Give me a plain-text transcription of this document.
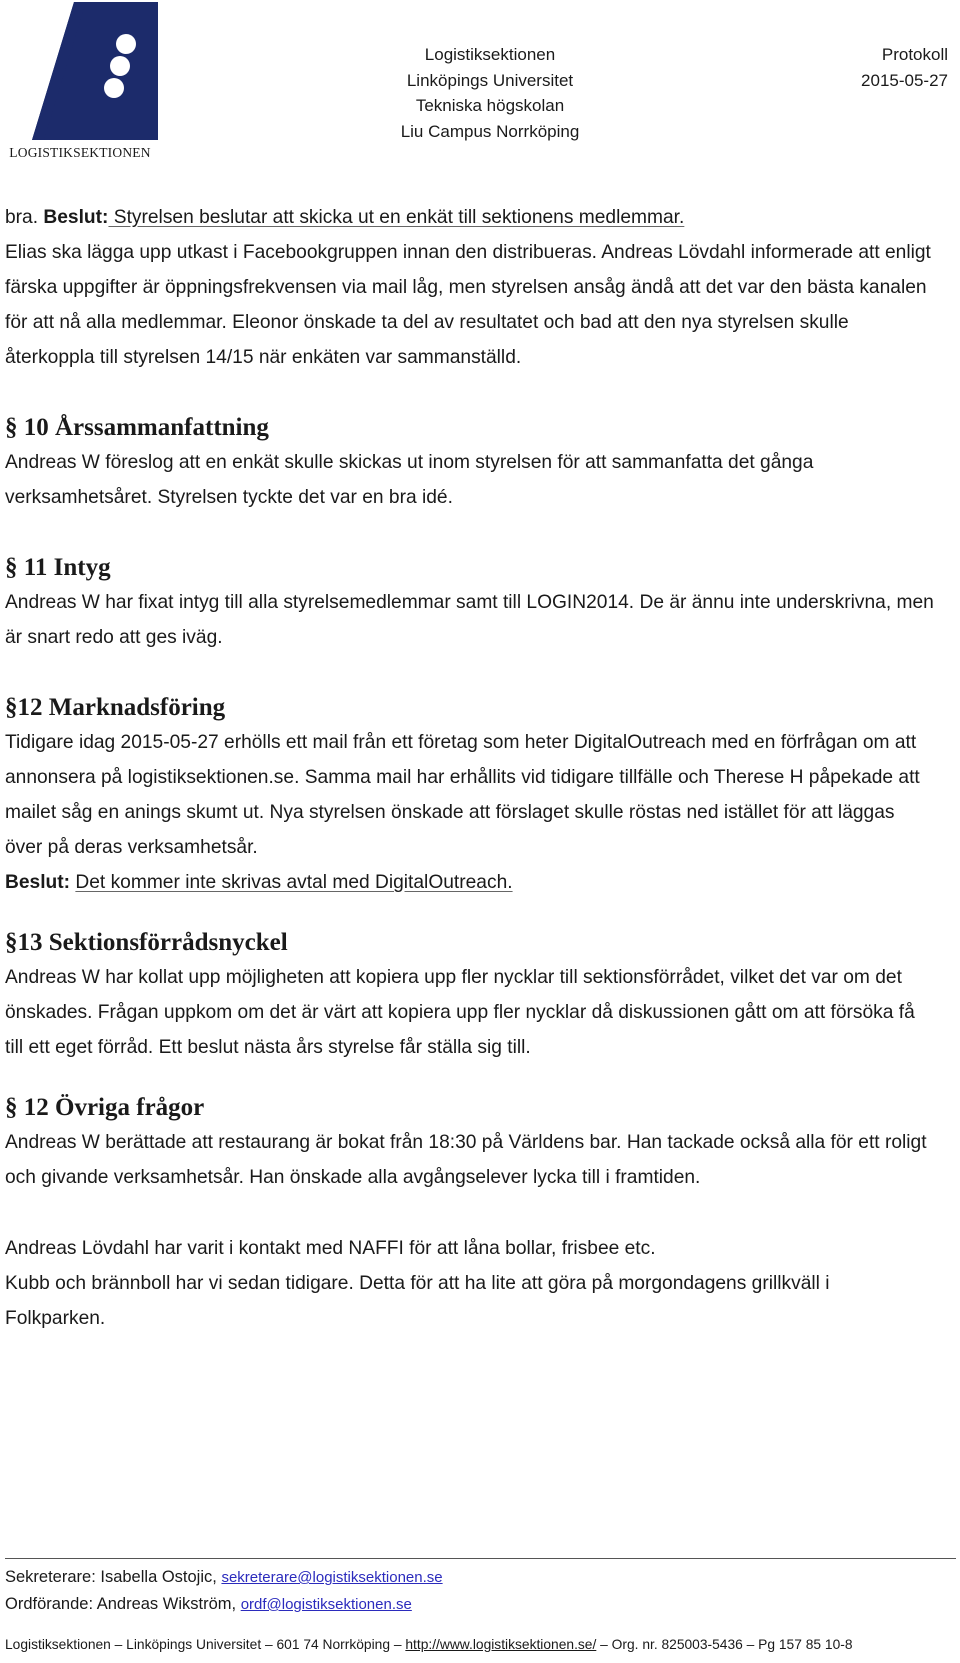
LOGISTIKSEKTIONEN
Logistiksektionen
Linköpings Universitet
Tekniska högskolan
Liu Campus Norrköping
Protokoll
2015-05-27

bra. Beslut: Styrelsen beslutar att skicka ut en enkät till sektionens medlemmar.
Elias ska lägga upp utkast i Facebookgruppen innan den distribueras. Andreas Lövdahl informerade att enligt färska uppgifter är öppningsfrekvensen via mail låg, men styrelsen ansåg ändå att det var den bästa kanalen för att nå alla medlemmar. Eleonor önskade ta del av resultatet och bad att den nya styrelsen skulle återkoppla till styrelsen 14/15 när enkäten var sammanställd.

§ 10 Årssammanfattning

Andreas W föreslog att en enkät skulle skickas ut inom styrelsen för att sammanfatta det gånga verksamhetsåret. Styrelsen tyckte det var en bra idé.

§ 11 Intyg

Andreas W har fixat intyg till alla styrelsemedlemmar samt till LOGIN2014. De är ännu inte underskrivna, men är snart redo att ges iväg.

§12 Marknadsföring

Tidigare idag 2015-05-27 erhölls ett mail från ett företag som heter DigitalOutreach med en förfrågan om att annonsera på logistiksektionen.se. Samma mail har erhållits vid tidigare tillfälle och Therese H påpekade att mailet såg en anings skumt ut. Nya styrelsen önskade att förslaget skulle röstas ned istället för att läggas över på deras verksamhetsår.
Beslut: Det kommer inte skrivas avtal med DigitalOutreach.

§13 Sektionsförrådsnyckel

Andreas W har kollat upp möjligheten att kopiera upp fler nycklar till sektionsförrådet, vilket det var om det önskades. Frågan uppkom om det är värt att kopiera upp fler nycklar då diskussionen gått om att försöka få till ett eget förråd. Ett beslut nästa års styrelse får ställa sig till.

§ 12 Övriga frågor

Andreas W berättade att restaurang är bokat från 18:30 på Världens bar. Han tackade också alla för ett roligt och givande verksamhetsår. Han önskade alla avgångselever lycka till i framtiden.

Andreas Lövdahl har varit i kontakt med NAFFI för att låna bollar, frisbee etc.
Kubb och brännboll har vi sedan tidigare. Detta för att ha lite att göra på morgondagens grillkväll i Folkparken.

Sekreterare: Isabella Ostojic, sekreterare@logistiksektionen.se
Ordförande: Andreas Wikström, ordf@logistiksektionen.se
Logistiksektionen – Linköpings Universitet – 601 74 Norrköping – http://www.logistiksektionen.se/ – Org. nr. 825003-5436 – Pg 157 85 10-8
